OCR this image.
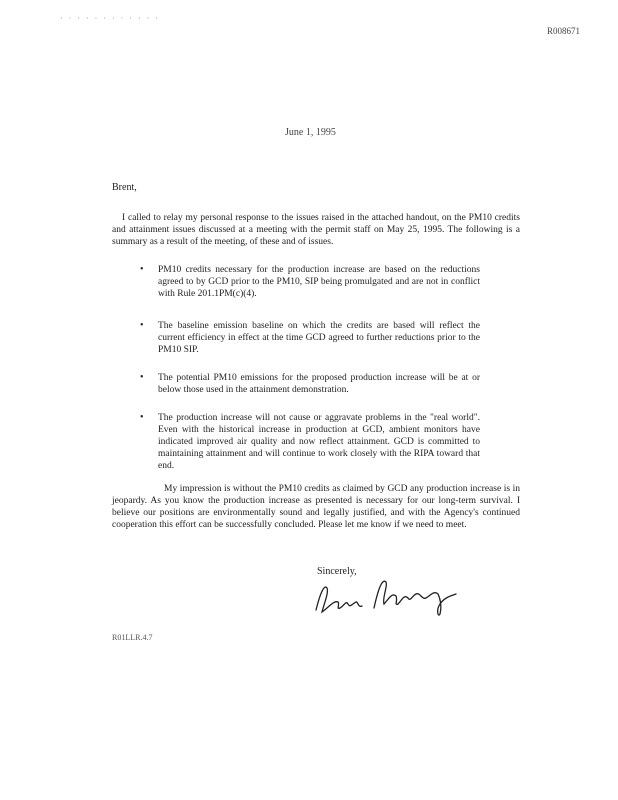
· · · · · · · · · · · ·
R008671
June 1, 1995
Brent,

I called to relay my personal response to the issues raised in the attached handout, on the PM10 credits and attainment issues discussed at a meeting with the permit staff on May 25, 1995. The following is a summary as a result of the meeting, of these and of issues.

• PM10 credits necessary for the production increase are based on the reductions agreed to by GCD prior to the PM10, SIP being promulgated and are not in conflict with Rule 201.1PM(c)(4).
• The baseline emission baseline on which the credits are based will reflect the current efficiency in effect at the time GCD agreed to further reductions prior to the PM10 SIP.
• The potential PM10 emissions for the proposed production increase will be at or below those used in the attainment demonstration.
• The production increase will not cause or aggravate problems in the "real world". Even with the historical increase in production at GCD, ambient monitors have indicated improved air quality and now reflect attainment. GCD is committed to maintaining attainment and will continue to work closely with the RIPA toward that end.

My impression is without the PM10 credits as claimed by GCD any production increase is in jeopardy. As you know the production increase as presented is necessary for our long-term survival. I believe our positions are environmentally sound and legally justified, and with the Agency's continued cooperation this effort can be successfully concluded. Please let me know if we need to meet.

Sincerely,
R01LLR.4.7
